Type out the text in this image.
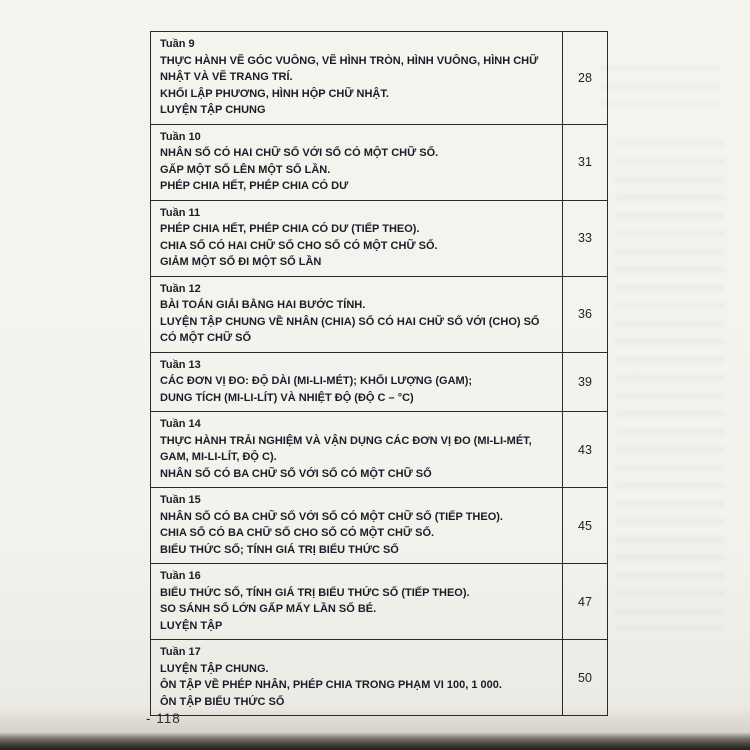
Tuần 9
THỰC HÀNH VẼ GÓC VUÔNG, VẼ HÌNH TRÒN, HÌNH VUÔNG, HÌNH CHỮ NHẬT VÀ VẼ TRANG TRÍ.
KHỐI LẬP PHƯƠNG, HÌNH HỘP CHỮ NHẬT.
LUYỆN TẬP CHUNG
28
Tuần 10
NHÂN SỐ CÓ HAI CHỮ SỐ VỚI SỐ CÓ MỘT CHỮ SỐ.
GẤP MỘT SỐ LÊN MỘT SỐ LẦN.
PHÉP CHIA HẾT, PHÉP CHIA CÓ DƯ
31
Tuần 11
PHÉP CHIA HẾT, PHÉP CHIA CÓ DƯ (TIẾP THEO).
CHIA SỐ CÓ HAI CHỮ SỐ CHO SỐ CÓ MỘT CHỮ SỐ.
GIẢM MỘT SỐ ĐI MỘT SỐ LẦN
33
Tuần 12
BÀI TOÁN GIẢI BẰNG HAI BƯỚC TÍNH.
LUYỆN TẬP CHUNG VỀ NHÂN (CHIA) SỐ CÓ HAI CHỮ SỐ VỚI (CHO) SỐ CÓ MỘT CHỮ SỐ
36
Tuần 13
CÁC ĐƠN VỊ ĐO: ĐỘ DÀI (MI-LI-MÉT); KHỐI LƯỢNG (GAM);
DUNG TÍCH (MI-LI-LÍT) VÀ NHIỆT ĐỘ (ĐỘ C – °C)
39
Tuần 14
THỰC HÀNH TRẢI NGHIỆM VÀ VẬN DỤNG CÁC ĐƠN VỊ ĐO (MI-LI-MÉT, GAM, MI-LI-LÍT, ĐỘ C).
NHÂN SỐ CÓ BA CHỮ SỐ VỚI SỐ CÓ MỘT CHỮ SỐ
43
Tuần 15
NHÂN SỐ CÓ BA CHỮ SỐ VỚI SỐ CÓ MỘT CHỮ SỐ (TIẾP THEO).
CHIA SỐ CÓ BA CHỮ SỐ CHO SỐ CÓ MỘT CHỮ SỐ.
BIỂU THỨC SỐ; TÍNH GIÁ TRỊ BIỂU THỨC SỐ
45
Tuần 16
BIỂU THỨC SỐ, TÍNH GIÁ TRỊ BIỂU THỨC SỐ (TIẾP THEO).
SO SÁNH SỐ LỚN GẤP MẤY LẦN SỐ BÉ.
LUYỆN TẬP
47
Tuần 17
LUYỆN TẬP CHUNG.
ÔN TẬP VỀ PHÉP NHÂN, PHÉP CHIA TRONG PHẠM VI 100, 1 000.
ÔN TẬP BIỂU THỨC SỐ
50
- 118
